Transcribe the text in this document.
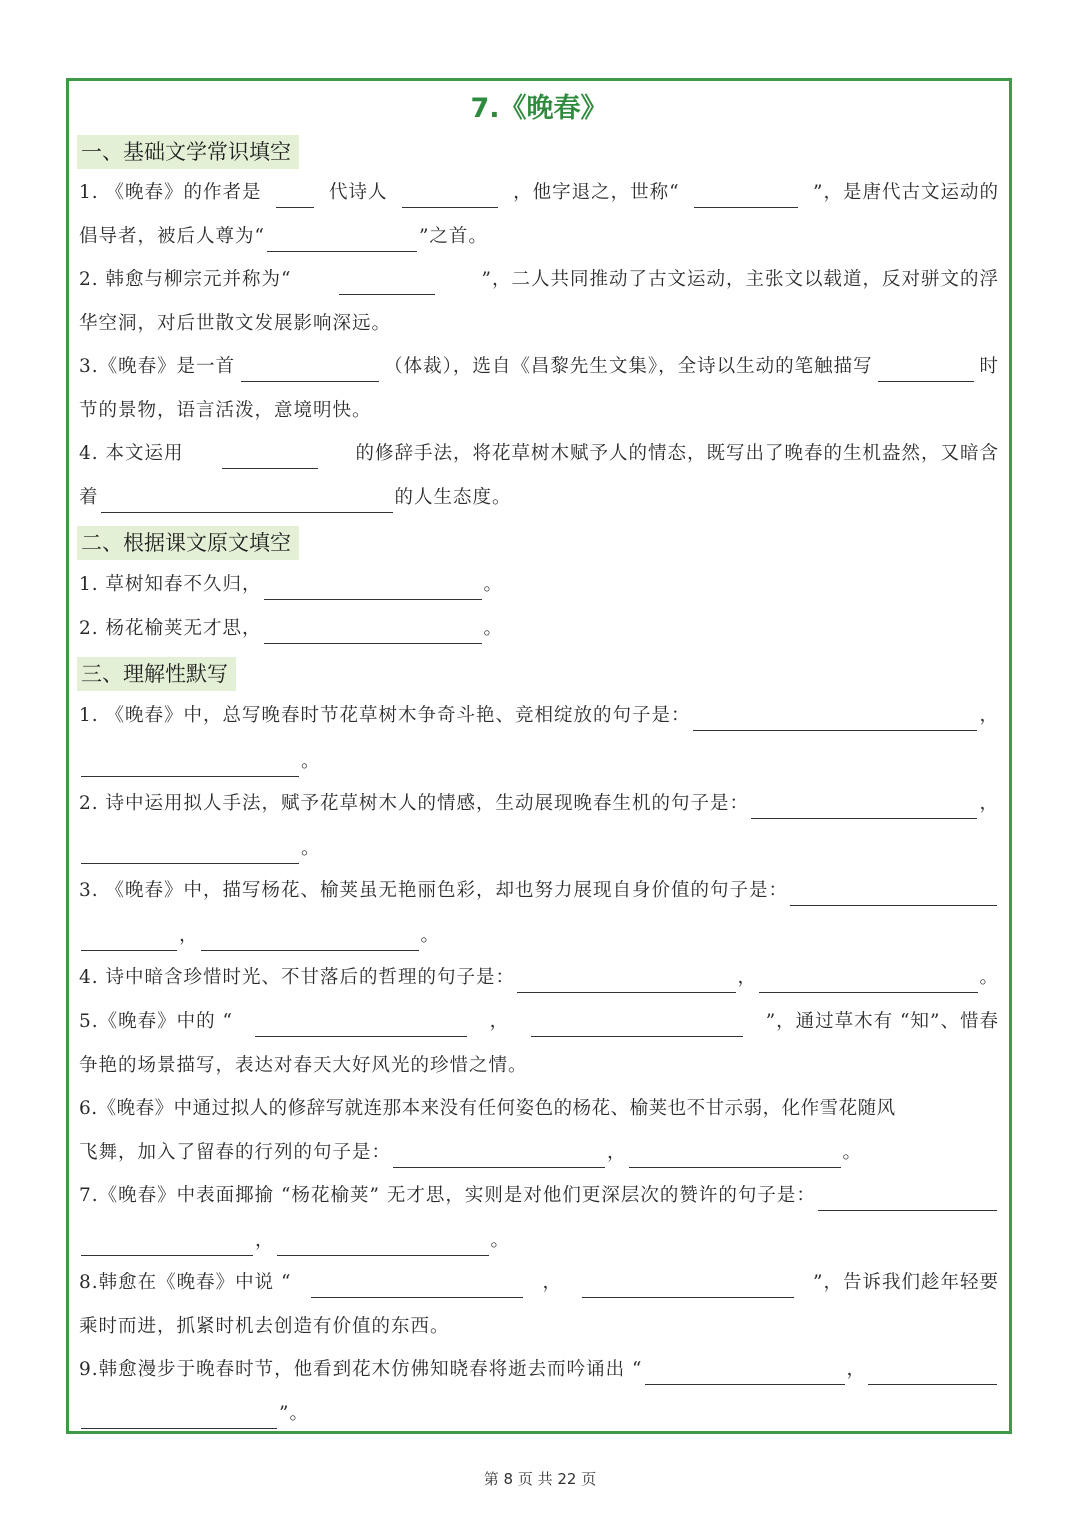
7.《晚春》
一、基础文学常识填空
1. 《晚春》的作者是	代诗人	，他字退之，世称“	”，是唐代古文运动的
倡导者，被后人尊为“	”之首。
2. 韩愈与柳宗元并称为“	”，二人共同推动了古文运动，主张文以载道，反对骈文的浮
华空洞，对后世散文发展影响深远。
3.《晚春》是一首	（体裁），选自《昌黎先生文集》，全诗以生动的笔触描写	时
节的景物，语言活泼，意境明快。
4. 本文运用	的修辞手法，将花草树木赋予人的情态，既写出了晚春的生机盎然，又暗含
着	的人生态度。
二、根据课文原文填空
1. 草树知春不久归，	。
2. 杨花榆荚无才思，	。
三、理解性默写
1. 《晚春》中，总写晚春时节花草树木争奇斗艳、竞相绽放的句子是：	，
。
2. 诗中运用拟人手法，赋予花草树木人的情感，生动展现晚春生机的句子是：	，
。
3. 《晚春》中，描写杨花、榆荚虽无艳丽色彩，却也努力展现自身价值的句子是：
，	。
4. 诗中暗含珍惜时光、不甘落后的哲理的句子是：	，	。
5.《晚春》中的 “	，	”，通过草木有 “知”、惜春
争艳的场景描写，表达对春天大好风光的珍惜之情。
6.《晚春》中通过拟人的修辞写就连那本来没有任何姿色的杨花、榆荚也不甘示弱，化作雪花随风
飞舞，加入了留春的行列的句子是：	，	。
7.《晚春》中表面揶揄 “杨花榆荚” 无才思，实则是对他们更深层次的赞许的句子是：
，	。
8.韩愈在《晚春》中说 “	，	”，告诉我们趁年轻要
乘时而进，抓紧时机去创造有价值的东西。
9.韩愈漫步于晚春时节，他看到花木仿佛知晓春将逝去而吟诵出 “	，
”。
第 8 页 共 22 页
